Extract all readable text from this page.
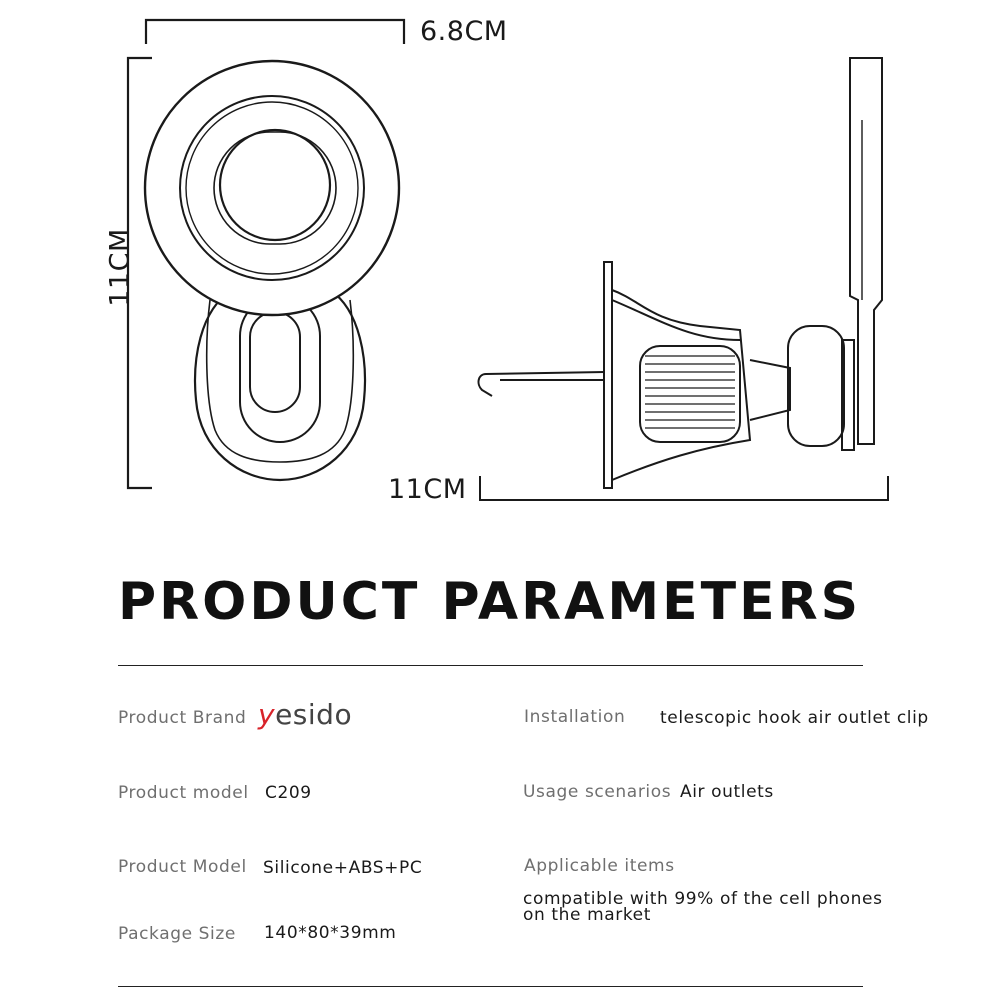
6.8CM
11CM
11CM
PRODUCT PARAMETERS
Product Brand yesido
Product model C209
Product Model Silicone+ABS+PC
Package Size 140*80*39mm
Installation telescopic hook air outlet clip
Usage scenarios Air outlets
Applicable items
compatible with 99% of the cell phones on the market
